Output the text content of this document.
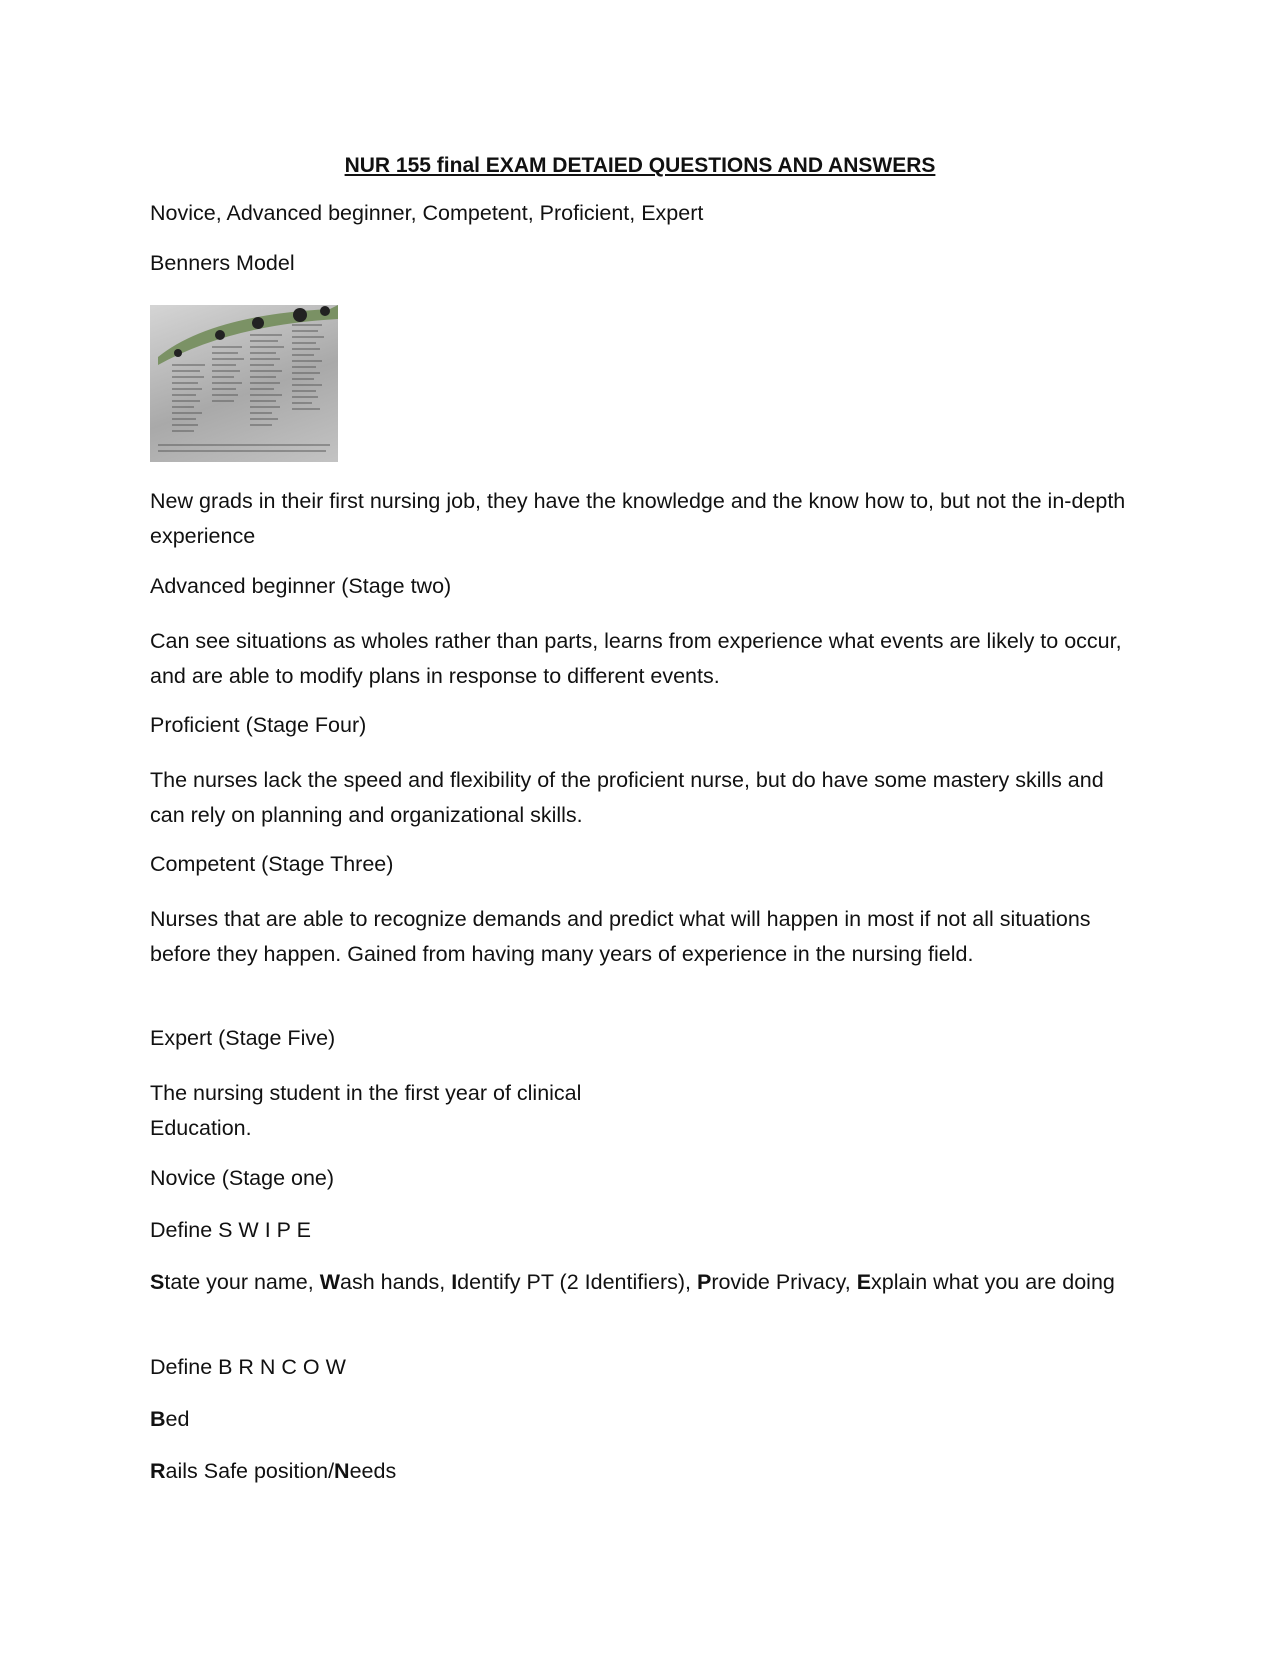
NUR 155 final EXAM DETAIED QUESTIONS AND ANSWERS

Novice, Advanced beginner, Competent, Proficient, Expert

Benners Model

New grads in their first nursing job, they have the knowledge and the know how to, but not the in-depth experience

Advanced beginner (Stage two)

Can see situations as wholes rather than parts, learns from experience what events are likely to occur, and are able to modify plans in response to different events.

Proficient (Stage Four)

The nurses lack the speed and flexibility of the proficient nurse, but do have some mastery skills and can rely on planning and organizational skills.

Competent (Stage Three)

Nurses that are able to recognize demands and predict what will happen in most if not all situations before they happen. Gained from having many years of experience in the nursing field.

Expert (Stage Five)

The nursing student in the first year of clinical
Education.

Novice (Stage one)

Define S W I P E

State your name, Wash hands, Identify PT (2 Identifiers), Provide Privacy, Explain what you are doing

Define B R N C O W

Bed

Rails Safe position/Needs
